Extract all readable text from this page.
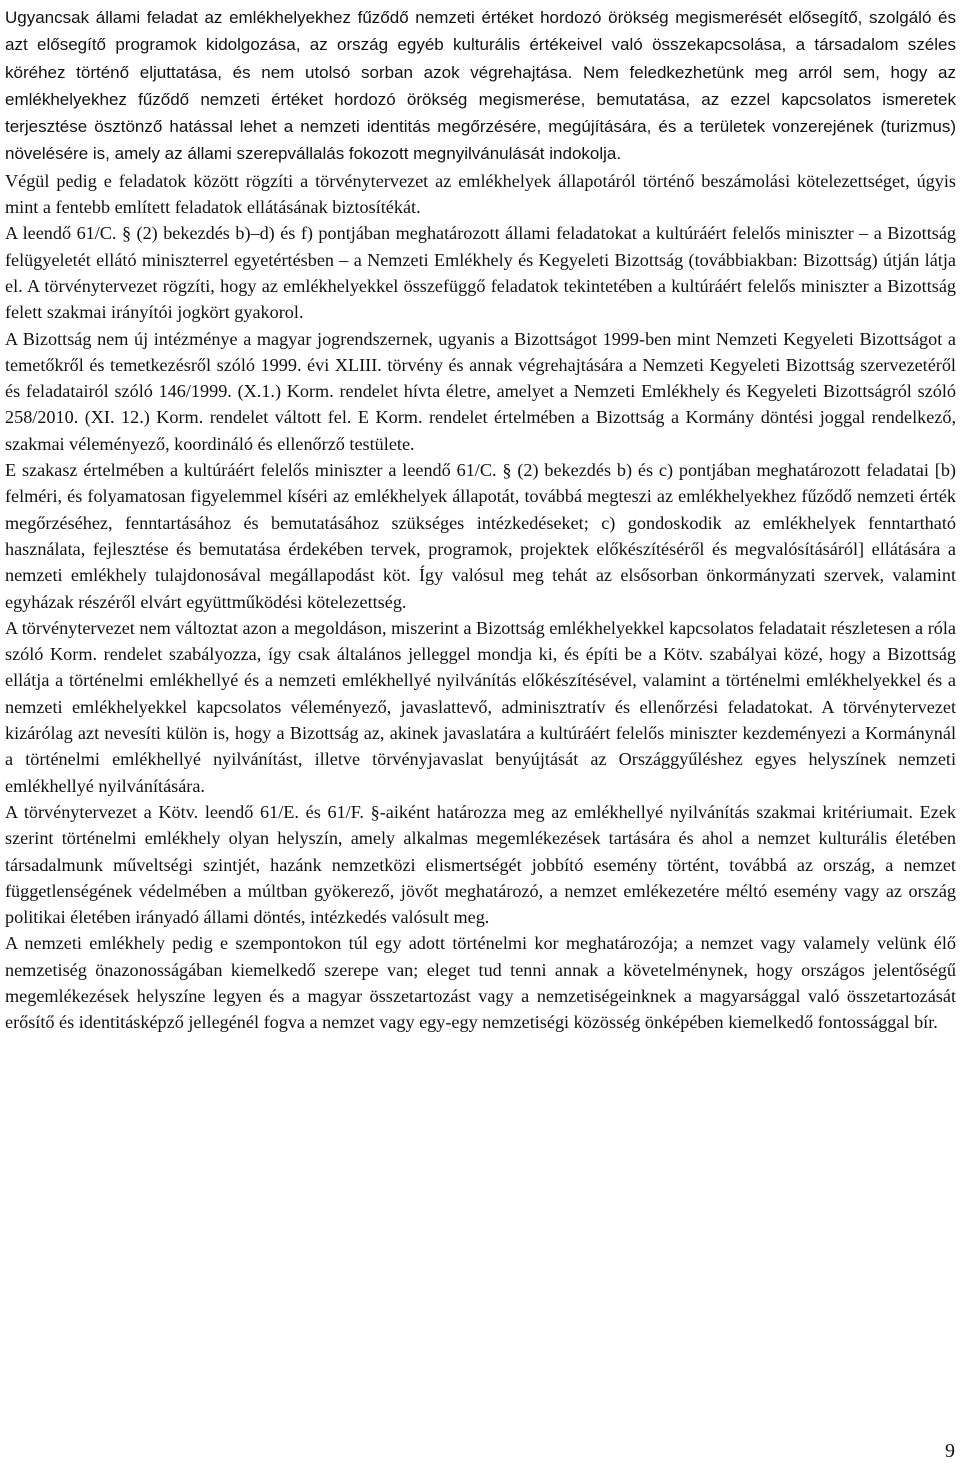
Ugyancsak állami feladat az emlékhelyekhez fűződő nemzeti értéket hordozó örökség megismerését elősegítő, szolgáló és azt elősegítő programok kidolgozása, az ország egyéb kulturális értékeivel való összekapcsolása, a társadalom széles köréhez történő eljuttatása, és nem utolsó sorban azok végrehajtása. Nem feledkezhetünk meg arról sem, hogy az emlékhelyekhez fűződő nemzeti értéket hordozó örökség megismerése, bemutatása, az ezzel kapcsolatos ismeretek terjesztése ösztönző hatással lehet a nemzeti identitás megőrzésére, megújítására, és a területek vonzerejének (turizmus) növelésére is, amely az állami szerepvállalás fokozott megnyilvánulását indokolja.

Végül pedig e feladatok között rögzíti a törvénytervezet az emlékhelyek állapotáról történő beszámolási kötelezettséget, úgyis mint a fentebb említett feladatok ellátásának biztosítékát.

A leendő 61/C. § (2) bekezdés b)–d) és f) pontjában meghatározott állami feladatokat a kultúráért felelős miniszter – a Bizottság felügyeletét ellátó miniszterrel egyetértésben – a Nemzeti Emlékhely és Kegyeleti Bizottság (továbbiakban: Bizottság) útján látja el. A törvénytervezet rögzíti, hogy az emlékhelyekkel összefüggő feladatok tekintetében a kultúráért felelős miniszter a Bizottság felett szakmai irányítói jogkört gyakorol.

A Bizottság nem új intézménye a magyar jogrendszernek, ugyanis a Bizottságot 1999-ben mint Nemzeti Kegyeleti Bizottságot a temetőkről és temetkezésről szóló 1999. évi XLIII. törvény és annak végrehajtására a Nemzeti Kegyeleti Bizottság szervezetéről és feladatairól szóló 146/1999. (X.1.) Korm. rendelet hívta életre, amelyet a Nemzeti Emlékhely és Kegyeleti Bizottságról szóló 258/2010. (XI. 12.) Korm. rendelet váltott fel. E Korm. rendelet értelmében a Bizottság a Kormány döntési joggal rendelkező, szakmai véleményező, koordináló és ellenőrző testülete.

E szakasz értelmében a kultúráért felelős miniszter a leendő 61/C. § (2) bekezdés b) és c) pontjában meghatározott feladatai [b) felméri, és folyamatosan figyelemmel kíséri az emlékhelyek állapotát, továbbá megteszi az emlékhelyekhez fűződő nemzeti érték megőrzéséhez, fenntartásához és bemutatásához szükséges intézkedéseket; c) gondoskodik az emlékhelyek fenntartható használata, fejlesztése és bemutatása érdekében tervek, programok, projektek előkészítéséről és megvalósításáról] ellátására a nemzeti emlékhely tulajdonosával megállapodást köt. Így valósul meg tehát az elsősorban önkormányzati szervek, valamint egyházak részéről elvárt együttműködési kötelezettség.

A törvénytervezet nem változtat azon a megoldáson, miszerint a Bizottság emlékhelyekkel kapcsolatos feladatait részletesen a róla szóló Korm. rendelet szabályozza, így csak általános jelleggel mondja ki, és építi be a Kötv. szabályai közé, hogy a Bizottság ellátja a történelmi emlékhellyé és a nemzeti emlékhellyé nyilvánítás előkészítésével, valamint a történelmi emlékhelyekkel és a nemzeti emlékhelyekkel kapcsolatos véleményező, javaslattevő, adminisztratív és ellenőrzési feladatokat. A törvénytervezet kizárólag azt nevesíti külön is, hogy a Bizottság az, akinek javaslatára a kultúráért felelős miniszter kezdeményezi a Kormánynál a történelmi emlékhellyé nyilvánítást, illetve törvényjavaslat benyújtását az Országgyűléshez egyes helyszínek nemzeti emlékhellyé nyilvánítására.

A törvénytervezet a Kötv. leendő 61/E. és 61/F. §-aiként határozza meg az emlékhellyé nyilvánítás szakmai kritériumait. Ezek szerint történelmi emlékhely olyan helyszín, amely alkalmas megemlékezések tartására és ahol a nemzet kulturális életében társadalmunk műveltségi szintjét, hazánk nemzetközi elismertségét jobbító esemény történt, továbbá az ország, a nemzet függetlenségének védelmében a múltban gyökerező, jövőt meghatározó, a nemzet emlékezetére méltó esemény vagy az ország politikai életében irányadó állami döntés, intézkedés valósult meg.

A nemzeti emlékhely pedig e szempontokon túl egy adott történelmi kor meghatározója; a nemzet vagy valamely velünk élő nemzetiség önazonosságában kiemelkedő szerepe van; eleget tud tenni annak a követelménynek, hogy országos jelentőségű megemlékezések helyszíne legyen és a magyar összetartozást vagy a nemzetiségeinknek a magyarsággal való összetartozását erősítő és identitásképző jellegénél fogva a nemzet vagy egy-egy nemzetiségi közösség önképében kiemelkedő fontossággal bír.

9
